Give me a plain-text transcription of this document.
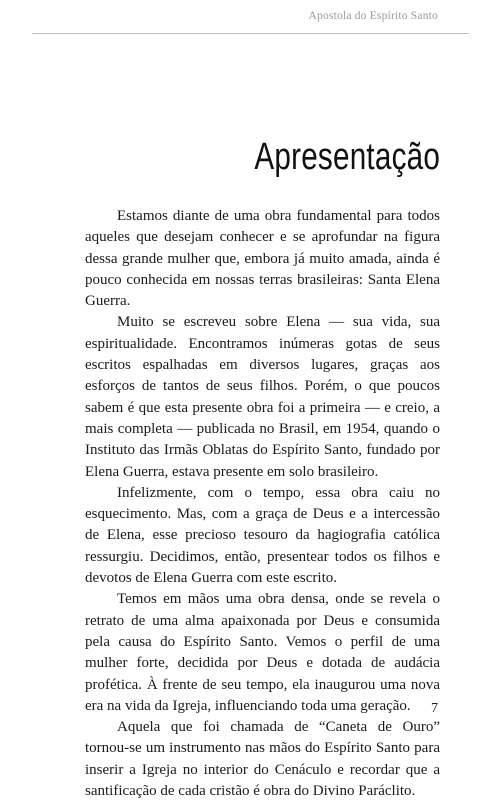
Apostola do Espírito Santo
Apresentação

Estamos diante de uma obra fundamental para todos aqueles que desejam conhecer e se aprofundar na figura dessa grande mulher que, embora já muito amada, ainda é pouco conhecida em nossas terras brasileiras: Santa Elena Guerra.

Muito se escreveu sobre Elena — sua vida, sua espiritualidade. Encontramos inúmeras gotas de seus escritos espalhadas em diversos lugares, graças aos esforços de tantos de seus filhos. Porém, o que poucos sabem é que esta presente obra foi a primeira — e creio, a mais completa — publicada no Brasil, em 1954, quando o Instituto das Irmãs Oblatas do Espírito Santo, fundado por Elena Guerra, estava presente em solo brasileiro.

Infelizmente, com o tempo, essa obra caiu no esquecimento. Mas, com a graça de Deus e a intercessão de Elena, esse precioso tesouro da hagiografia católica ressurgiu. Decidimos, então, presentear todos os filhos e devotos de Elena Guerra com este escrito.

Temos em mãos uma obra densa, onde se revela o retrato de uma alma apaixonada por Deus e consumida pela causa do Espírito Santo. Vemos o perfil de uma mulher forte, decidida por Deus e dotada de audácia profética. À frente de seu tempo, ela inaugurou uma nova era na vida da Igreja, influenciando toda uma geração.

Aquela que foi chamada de “Caneta de Ouro” tornou-se um instrumento nas mãos do Espírito Santo para inserir a Igreja no interior do Cenáculo e recordar que a santificação de cada cristão é obra do Divino Paráclito.

7
